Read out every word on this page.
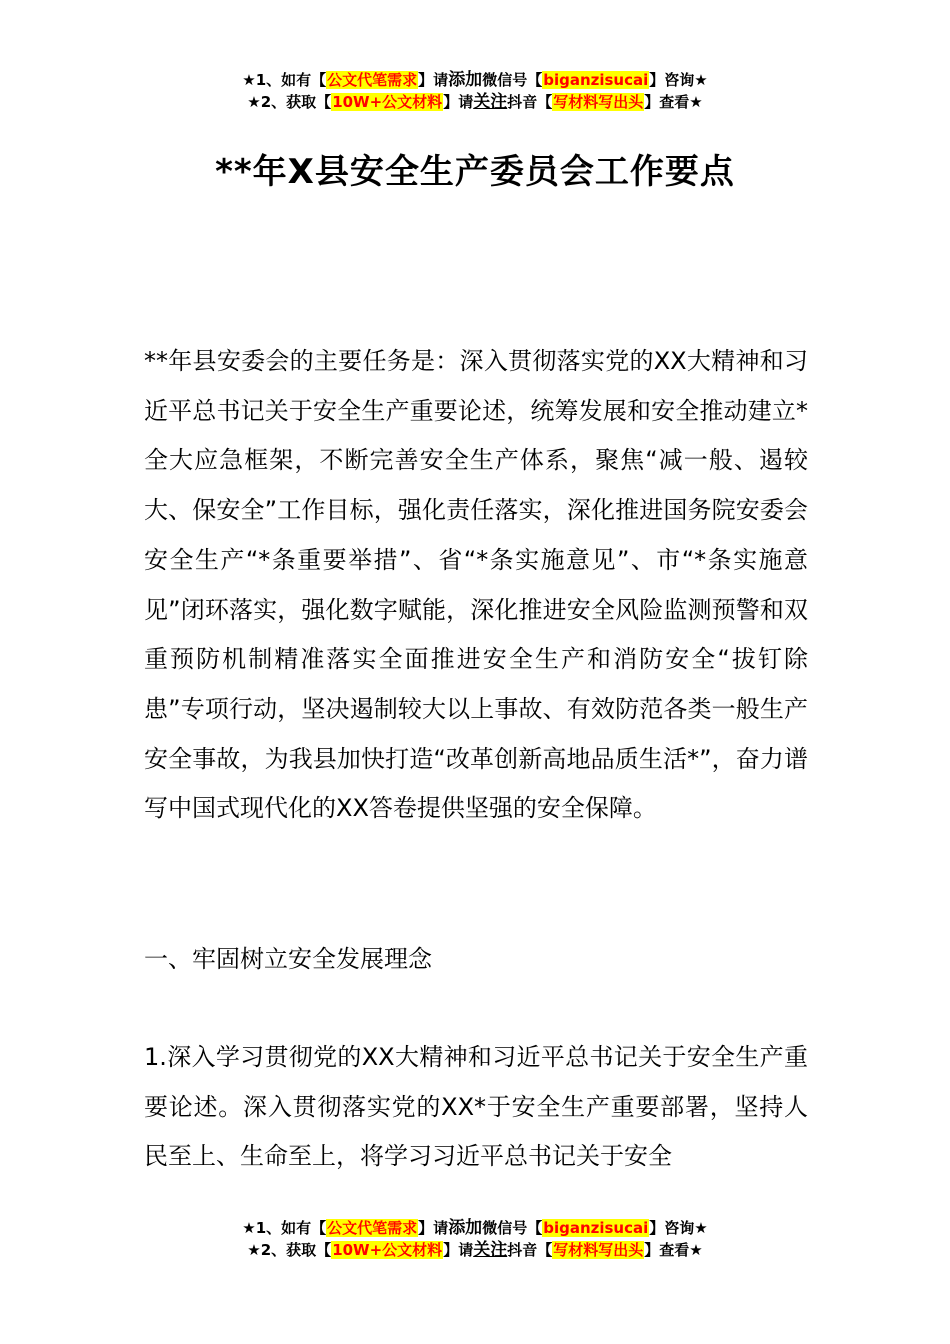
★1、如有【公文代笔需求】请添加微信号【biganzisucai】咨询★
★2、获取【10W+公文材料】请关注抖音【写材料写出头】查看★
**年X县安全生产委员会工作要点
**年县安委会的主要任务是：深入贯彻落实党的XX大精神和习近平总书记关于安全生产重要论述，统筹发展和安全推动建立*全大应急框架，不断完善安全生产体系，聚焦“减一般、遏较大、保安全”工作目标，强化责任落实，深化推进国务院安委会安全生产“*条重要举措”、省“*条实施意见”、市“*条实施意见”闭环落实，强化数字赋能，深化推进安全风险监测预警和双重预防机制精准落实全面推进安全生产和消防安全“拔钉除患”专项行动，坚决遏制较大以上事故、有效防范各类一般生产安全事故，为我县加快打造“改革创新高地品质生活*”，奋力谱写中国式现代化的XX答卷提供坚强的安全保障。
一、牢固树立安全发展理念
1.深入学习贯彻党的XX大精神和习近平总书记关于安全生产重要论述。深入贯彻落实党的XX*于安全生产重要部署，坚持人民至上、生命至上，将学习习近平总书记关于安全
★1、如有【公文代笔需求】请添加微信号【biganzisucai】咨询★
★2、获取【10W+公文材料】请关注抖音【写材料写出头】查看★
